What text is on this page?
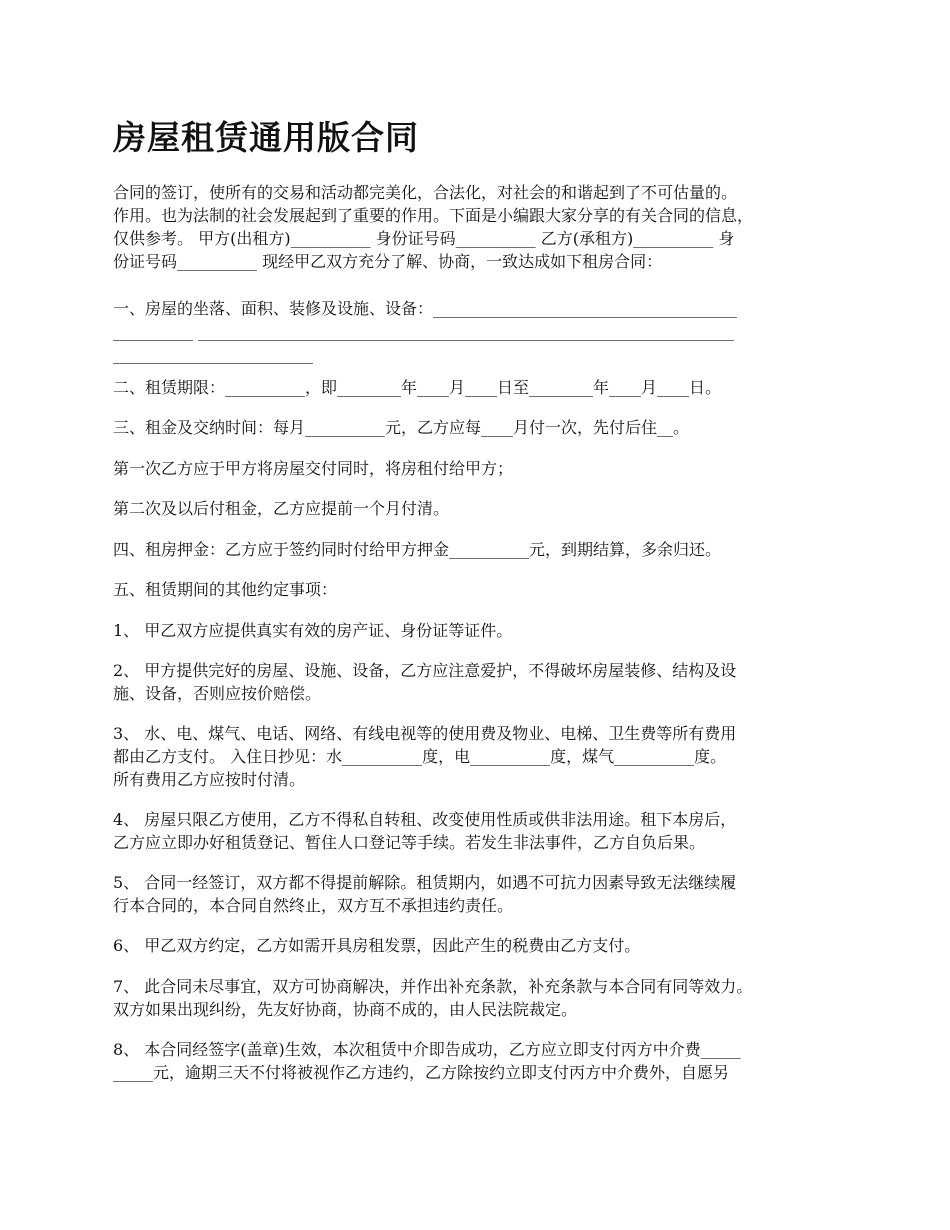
房屋租赁通用版合同

合同的签订，使所有的交易和活动都完美化，合法化，对社会的和谐起到了不可估量的。
作用。也为法制的社会发展起到了重要的作用。下面是小编跟大家分享的有关合同的信息，
仅供参考。 甲方(出租方)__________ 身份证号码__________ 乙方(承租方)__________ 身
份证号码__________ 现经甲乙双方充分了解、协商，一致达成如下租房合同：

一、房屋的坐落、面积、装修及设施、设备：______________________________________
__________ ___________________________________________________________________
_________________________

二、租赁期限：__________，即________年____月____日至________年____月____日。

三、租金及交纳时间：每月__________元，乙方应每____月付一次，先付后住__。

第一次乙方应于甲方将房屋交付同时，将房租付给甲方；

第二次及以后付租金，乙方应提前一个月付清。

四、租房押金：乙方应于签约同时付给甲方押金__________元，到期结算，多余归还。

五、租赁期间的其他约定事项：

1、 甲乙双方应提供真实有效的房产证、身份证等证件。

2、 甲方提供完好的房屋、设施、设备，乙方应注意爱护，不得破坏房屋装修、结构及设
施、设备，否则应按价赔偿。

3、 水、电、煤气、电话、网络、有线电视等的使用费及物业、电梯、卫生费等所有费用
都由乙方支付。 入住日抄见：水__________度，电__________度，煤气__________度。
所有费用乙方应按时付清。

4、 房屋只限乙方使用，乙方不得私自转租、改变使用性质或供非法用途。租下本房后，
乙方应立即办好租赁登记、暂住人口登记等手续。若发生非法事件，乙方自负后果。

5、 合同一经签订，双方都不得提前解除。租赁期内，如遇不可抗力因素导致无法继续履
行本合同的，本合同自然终止，双方互不承担违约责任。

6、 甲乙双方约定，乙方如需开具房租发票，因此产生的税费由乙方支付。

7、 此合同未尽事宜，双方可协商解决，并作出补充条款，补充条款与本合同有同等效力。
双方如果出现纠纷，先友好协商，协商不成的，由人民法院裁定。

8、 本合同经签字(盖章)生效，本次租赁中介即告成功，乙方应立即支付丙方中介费_____
_____元，逾期三天不付将被视作乙方违约，乙方除按约立即支付丙方中介费外，自愿另
